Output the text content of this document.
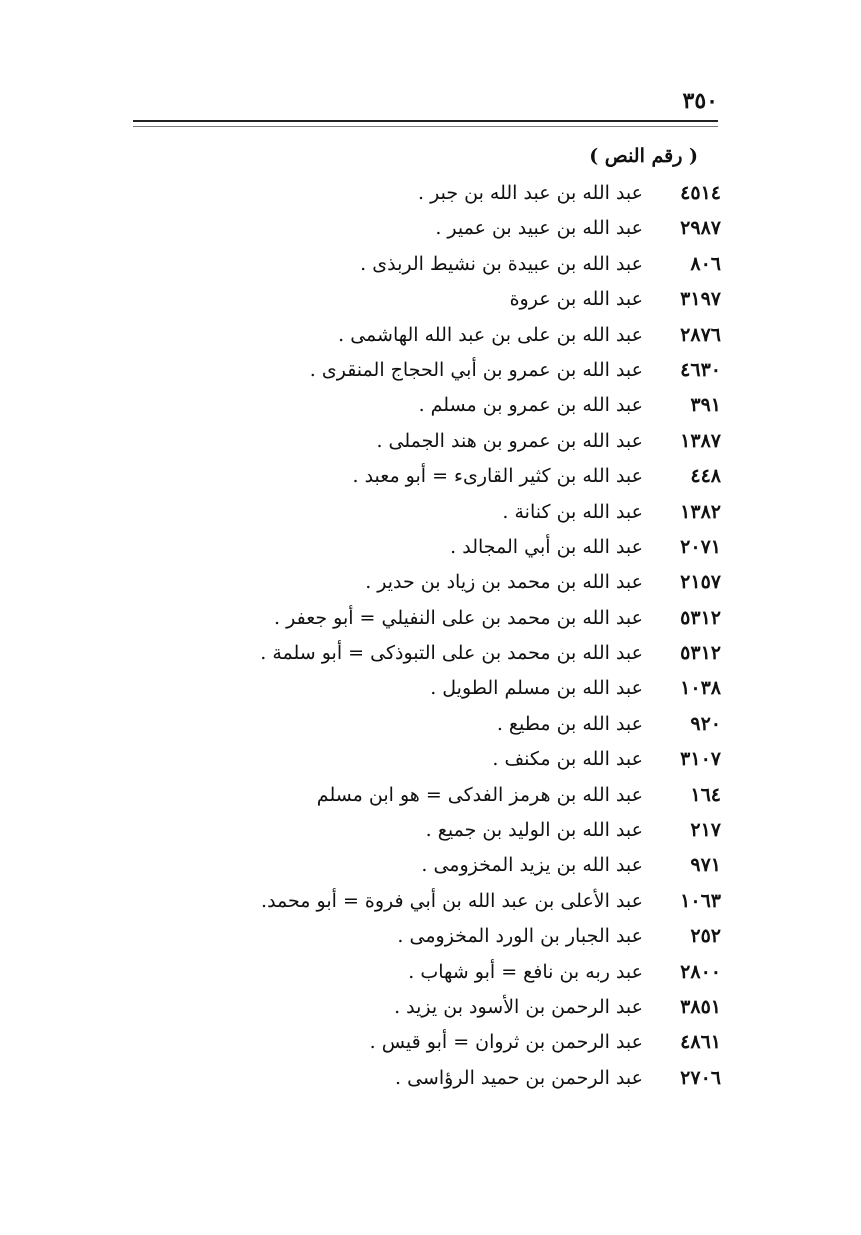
٣٥٠
( رقم النص )
٤٥١٤
عبد الله بن عبد الله بن جبر .
٢٩٨٧
عبد الله بن عبيد بن عمير .
٨٠٦
عبد الله بن عبيدة بن نشيط الربذى .
٣١٩٧
عبد الله بن عروة
٢٨٧٦
عبد الله بن على بن عبد الله الهاشمى .
٤٦٣٠
عبد الله بن عمرو بن أبي الحجاج المنقرى .
٣٩١
عبد الله بن عمرو بن مسلم .
١٣٨٧
عبد الله بن عمرو بن هند الجملى .
٤٤٨
عبد الله بن كثير القارىء = أبو معبد .
١٣٨٢
عبد الله بن كنانة .
٢٠٧١
عبد الله بن أبي المجالد .
٢١٥٧
عبد الله بن محمد بن زياد بن حدير .
٥٣١٢
عبد الله بن محمد بن على النفيلي = أبو جعفر .
٥٣١٢
عبد الله بن محمد بن على التبوذكى = أبو سلمة .
١٠٣٨
عبد الله بن مسلم الطويل .
٩٢٠
عبد الله بن مطيع .
٣١٠٧
عبد الله بن مكنف .
١٦٤
عبد الله بن هرمز الفدكى = هو ابن مسلم
٢١٧
عبد الله بن الوليد بن جميع .
٩٧١
عبد الله بن يزيد المخزومى .
١٠٦٣
عبد الأعلى بن عبد الله بن أبي فروة = أبو محمد.
٢٥٢
عبد الجبار بن الورد المخزومى .
٢٨٠٠
عبد ربه بن نافع = أبو شهاب .
٣٨٥١
عبد الرحمن بن الأسود بن يزيد .
٤٨٦١
عبد الرحمن بن ثروان = أبو قيس .
٢٧٠٦
عبد الرحمن بن حميد الرؤاسى .
